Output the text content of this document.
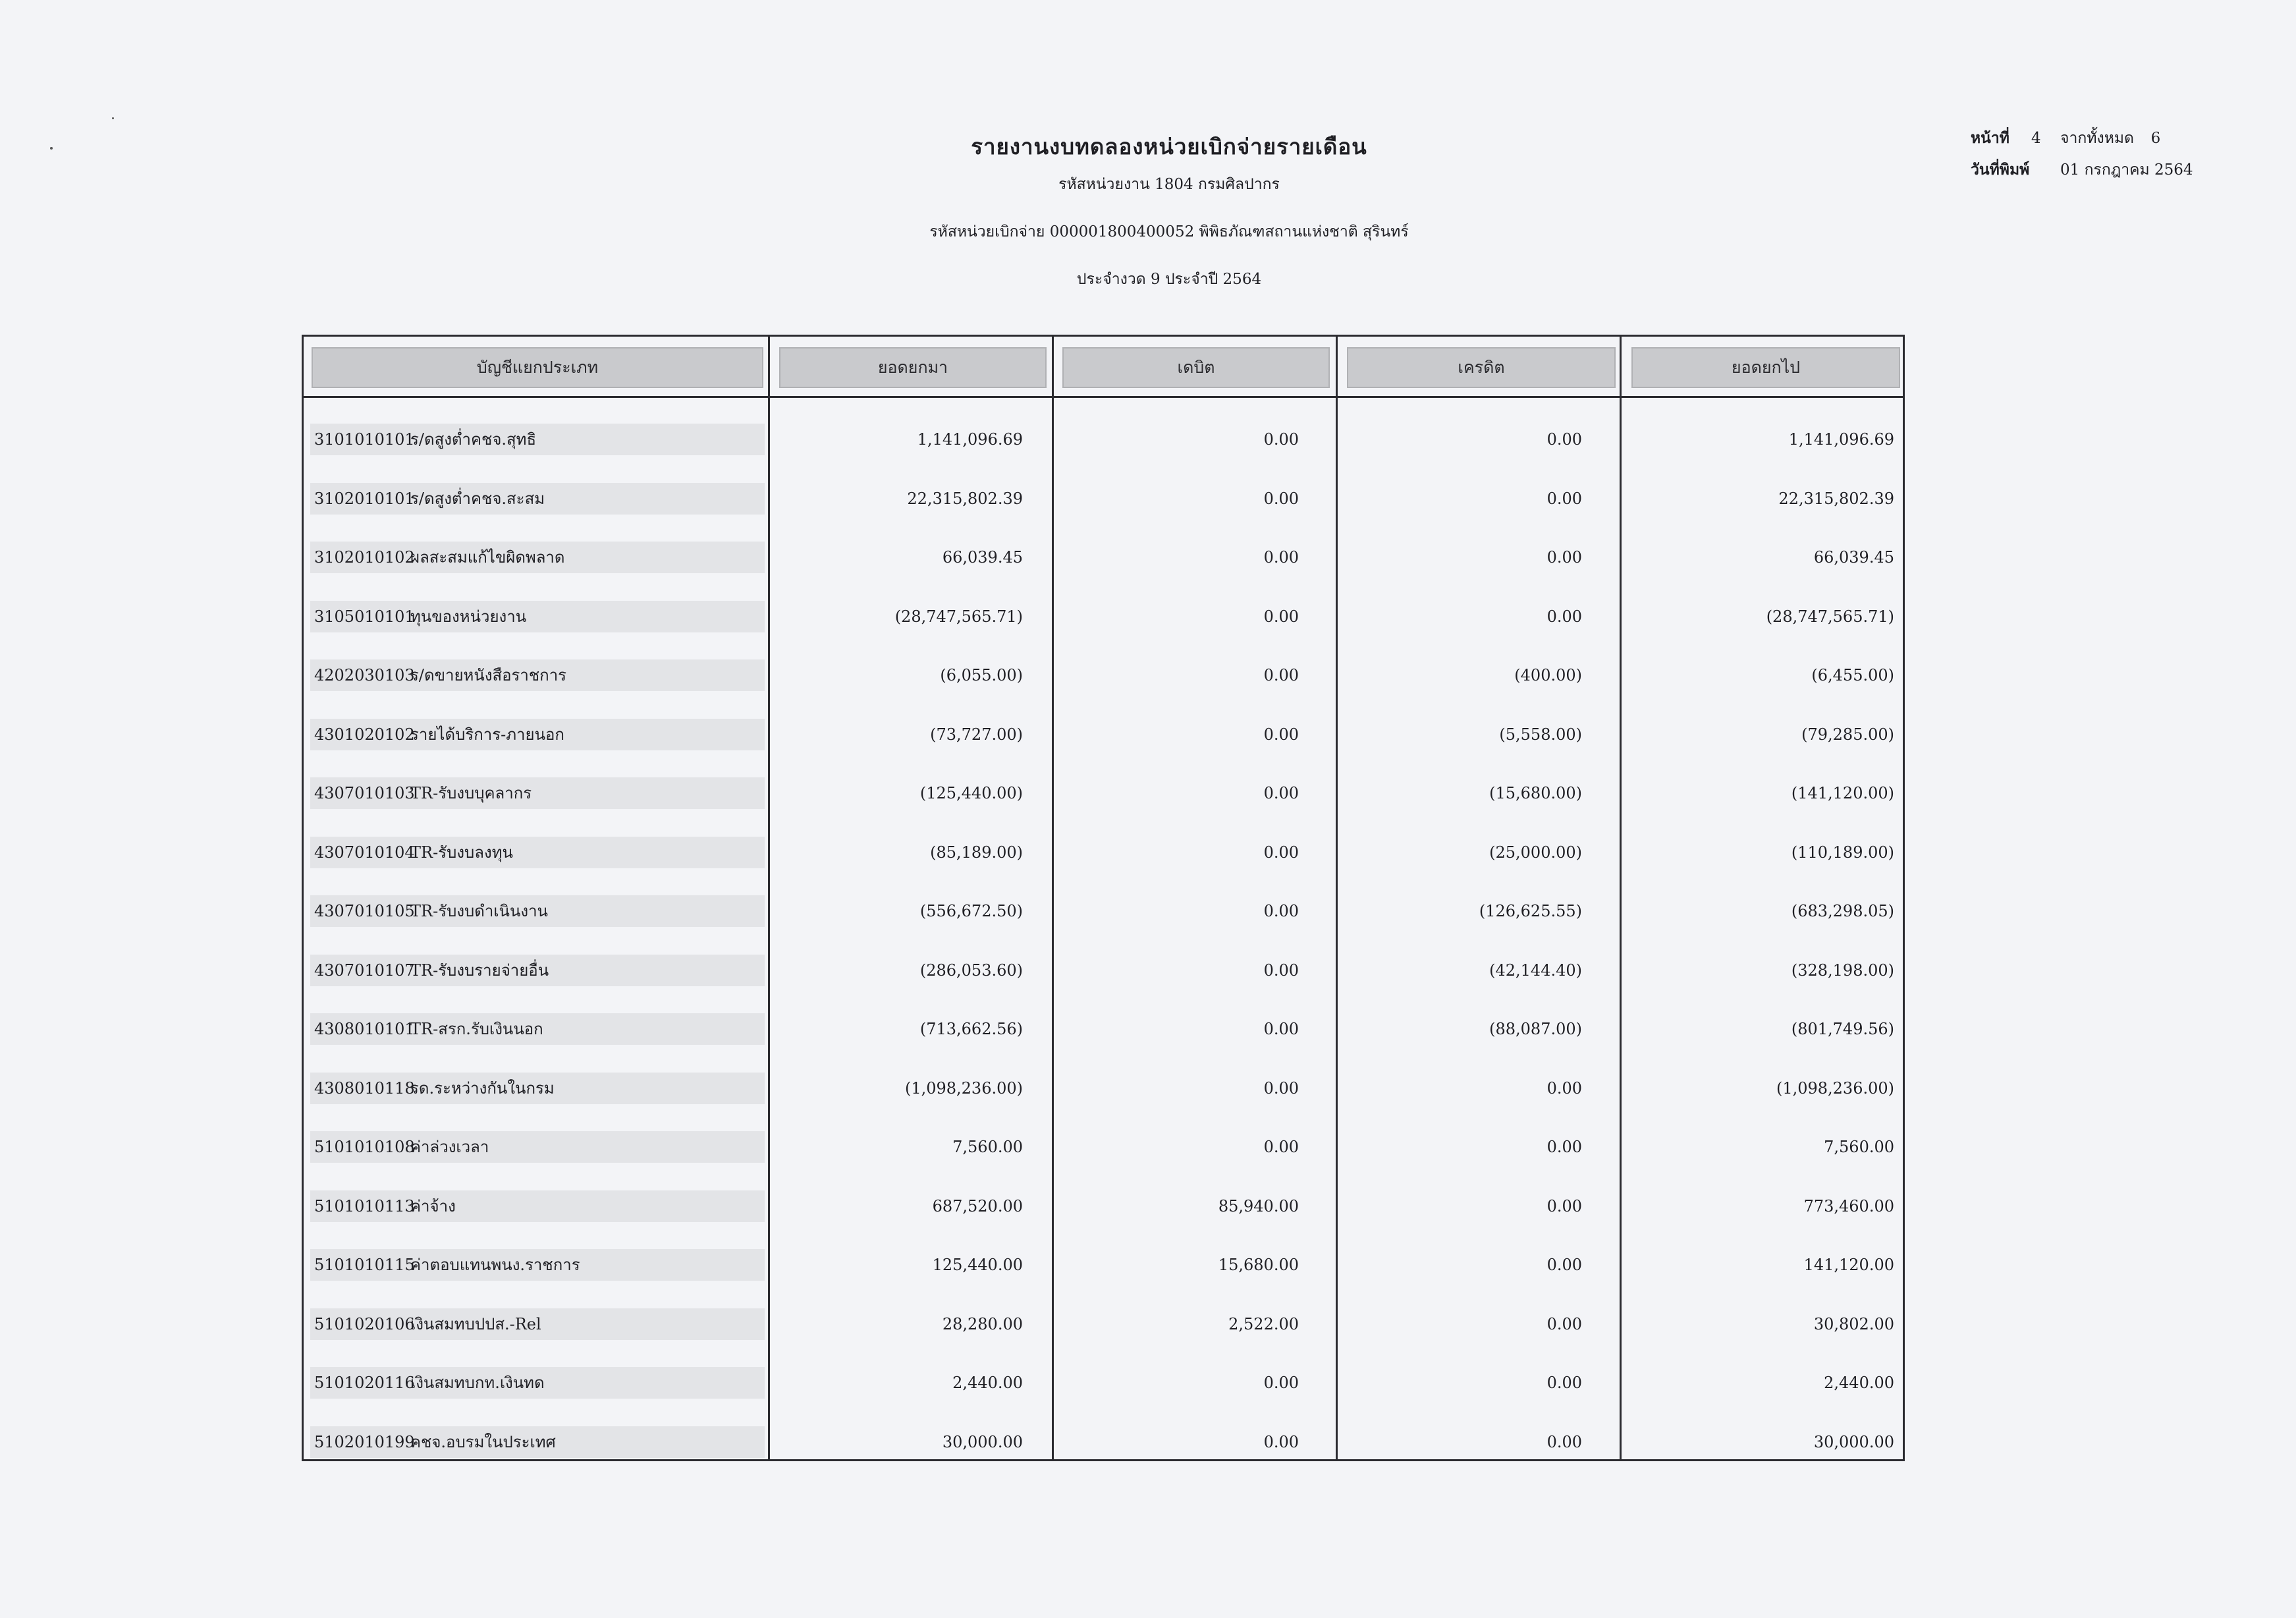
รายงานงบทดลองหน่วยเบิกจ่ายรายเดือน
รหัสหน่วยงาน 1804 กรมศิลปากร
รหัสหน่วยเบิกจ่าย 000001800400052 พิพิธภัณฑสถานแห่งชาติ สุรินทร์
ประจำงวด 9 ประจำปี 2564
หน้าที่ 4 จากทั้งหมด 6
วันที่พิมพ์ 01 กรกฎาคม 2564
บัญชีแยกประเภท	ยอดยกมา	เดบิต	เครดิต	ยอดยกไป
3101010101ร/ดสูงต่ำคชจ.สุทธิ	1,141,096.69	0.00	0.00	1,141,096.69
3102010101ร/ดสูงต่ำคชจ.สะสม	22,315,802.39	0.00	0.00	22,315,802.39
3102010102ผลสะสมแก้ไขผิดพลาด	66,039.45	0.00	0.00	66,039.45
3105010101ทุนของหน่วยงาน	(28,747,565.71)	0.00	0.00	(28,747,565.71)
4202030103ร/ดขายหนังสือราชการ	(6,055.00)	0.00	(400.00)	(6,455.00)
4301020102รายได้บริการ-ภายนอก	(73,727.00)	0.00	(5,558.00)	(79,285.00)
4307010103TR-รับงบบุคลากร	(125,440.00)	0.00	(15,680.00)	(141,120.00)
4307010104TR-รับงบลงทุน	(85,189.00)	0.00	(25,000.00)	(110,189.00)
4307010105TR-รับงบดำเนินงาน	(556,672.50)	0.00	(126,625.55)	(683,298.05)
4307010107TR-รับงบรายจ่ายอื่น	(286,053.60)	0.00	(42,144.40)	(328,198.00)
4308010101TR-สรก.รับเงินนอก	(713,662.56)	0.00	(88,087.00)	(801,749.56)
4308010118รด.ระหว่างกันในกรม	(1,098,236.00)	0.00	0.00	(1,098,236.00)
5101010108ค่าล่วงเวลา	7,560.00	0.00	0.00	7,560.00
5101010113ค่าจ้าง	687,520.00	85,940.00	0.00	773,460.00
5101010115ค่าตอบแทนพนง.ราชการ	125,440.00	15,680.00	0.00	141,120.00
5101020106เงินสมทบปปส.-Rel	28,280.00	2,522.00	0.00	30,802.00
5101020116เงินสมทบกท.เงินทด	2,440.00	0.00	0.00	2,440.00
5102010199คชจ.อบรมในประเทศ	30,000.00	0.00	0.00	30,000.00
